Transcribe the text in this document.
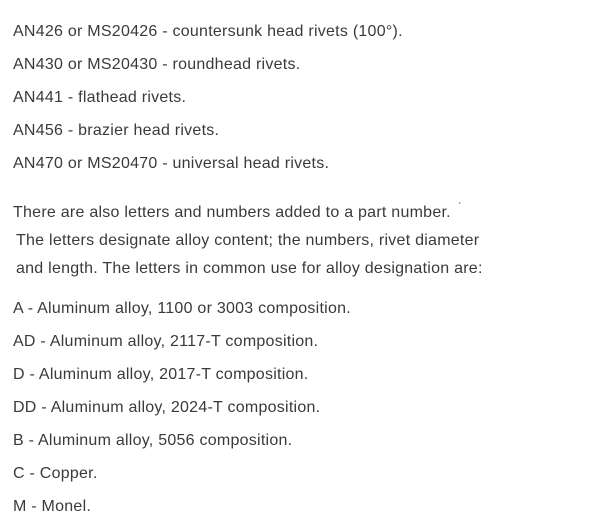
AN426 or MS20426 - countersunk head rivets (100°).
AN430 or MS20430 - roundhead rivets.
AN441 - flathead rivets.
AN456 - brazier head rivets.
AN470 or MS20470 - universal head rivets.
There are also letters and numbers added to a part number. ˙
The letters designate alloy content; the numbers, rivet diameter
and length. The letters in common use for alloy designation are:
A - Aluminum alloy, 1100 or 3003 composition.
AD - Aluminum alloy, 2117-T composition.
D - Aluminum alloy, 2017-T composition.
DD - Aluminum alloy, 2024-T composition.
B - Aluminum alloy, 5056 composition.
C - Copper.
M - Monel.
